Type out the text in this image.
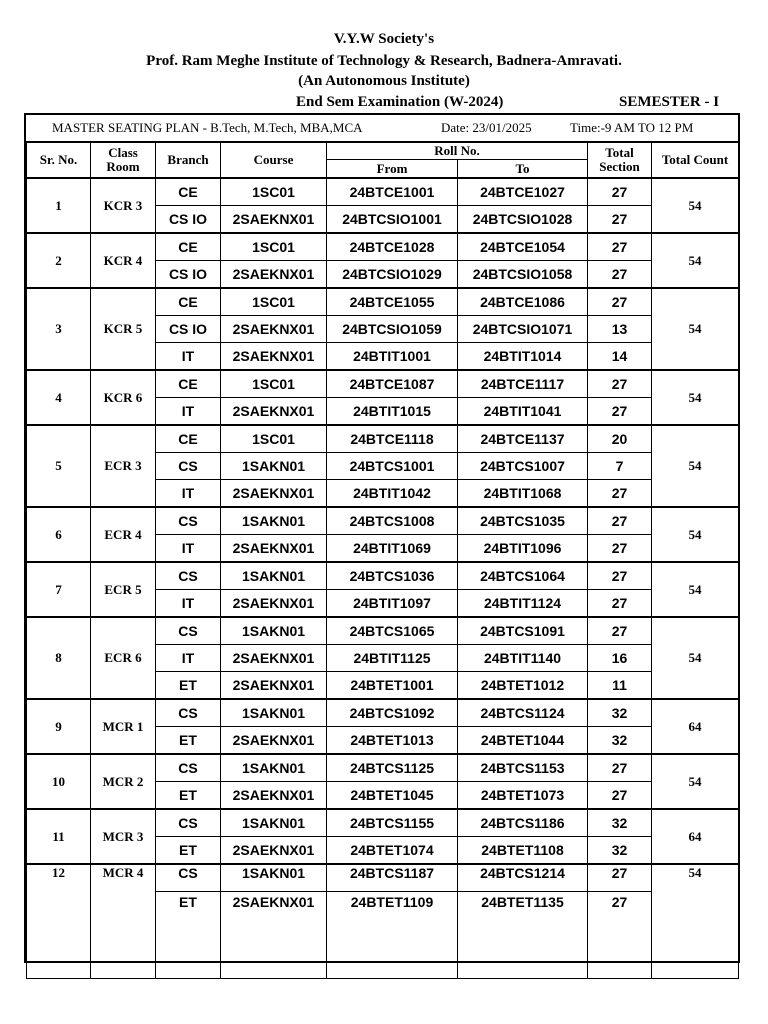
V.Y.W Society's
Prof. Ram Meghe Institute of Technology & Research, Badnera-Amravati.
(An Autonomous Institute)
End Sem Examination (W-2024)	SEMESTER - I
MASTER SEATING PLAN - B.Tech, M.Tech, MBA,MCA	Date: 23/01/2025	Time:-9 AM TO 12 PM
Sr. No.	Class Room	Branch	Course	Roll No.		Total Section	Total Count
				From	To		
1	KCR 3	CE	1SC01	24BTCE1001	24BTCE1027	27	54
		CS IO	2SAEKNX01	24BTCSIO1001	24BTCSIO1028	27	
2	KCR 4	CE	1SC01	24BTCE1028	24BTCE1054	27	54
		CS IO	2SAEKNX01	24BTCSIO1029	24BTCSIO1058	27	
3	KCR 5	CE	1SC01	24BTCE1055	24BTCE1086	27	54
		CS IO	2SAEKNX01	24BTCSIO1059	24BTCSIO1071	13	
		IT	2SAEKNX01	24BTIT1001	24BTIT1014	14	
4	KCR 6	CE	1SC01	24BTCE1087	24BTCE1117	27	54
		IT	2SAEKNX01	24BTIT1015	24BTIT1041	27	
5	ECR 3	CE	1SC01	24BTCE1118	24BTCE1137	20	54
		CS	1SAKN01	24BTCS1001	24BTCS1007	7	
		IT	2SAEKNX01	24BTIT1042	24BTIT1068	27	
6	ECR 4	CS	1SAKN01	24BTCS1008	24BTCS1035	27	54
		IT	2SAEKNX01	24BTIT1069	24BTIT1096	27	
7	ECR 5	CS	1SAKN01	24BTCS1036	24BTCS1064	27	54
		IT	2SAEKNX01	24BTIT1097	24BTIT1124	27	
8	ECR 6	CS	1SAKN01	24BTCS1065	24BTCS1091	27	54
		IT	2SAEKNX01	24BTIT1125	24BTIT1140	16	
		ET	2SAEKNX01	24BTET1001	24BTET1012	11	
9	MCR 1	CS	1SAKN01	24BTCS1092	24BTCS1124	32	64
		ET	2SAEKNX01	24BTET1013	24BTET1044	32	
10	MCR 2	CS	1SAKN01	24BTCS1125	24BTCS1153	27	54
		ET	2SAEKNX01	24BTET1045	24BTET1073	27	
11	MCR 3	CS	1SAKN01	24BTCS1155	24BTCS1186	32	64
		ET	2SAEKNX01	24BTET1074	24BTET1108	32	
12	MCR 4	CS	1SAKN01	24BTCS1187	24BTCS1214	27	54
		ET	2SAEKNX01	24BTET1109	24BTET1135	27	
